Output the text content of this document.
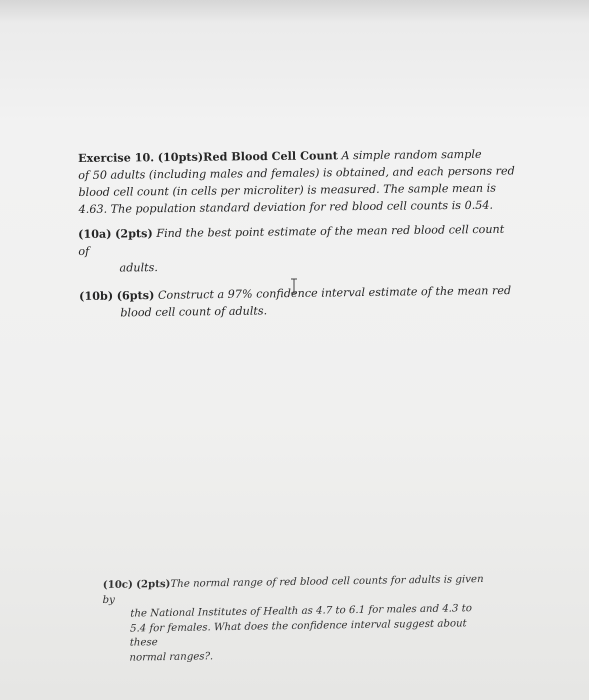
Exercise 10. (10pts)Red Blood Cell Count A simple random sample
of 50 adults (including males and females) is obtained, and each persons red
blood cell count (in cells per microliter) is measured. The sample mean is
4.63. The population standard deviation for red blood cell counts is 0.54.
(10a) (2pts) Find the best point estimate of the mean red blood cell count of
adults.
(10b) (6pts) Construct a 97% confidence interval estimate of the mean red
blood cell count of adults.
(10c) (2pts)The normal range of red blood cell counts for adults is given by
the National Institutes of Health as 4.7 to 6.1 for males and 4.3 to
5.4 for females. What does the confidence interval suggest about these
normal ranges?.
